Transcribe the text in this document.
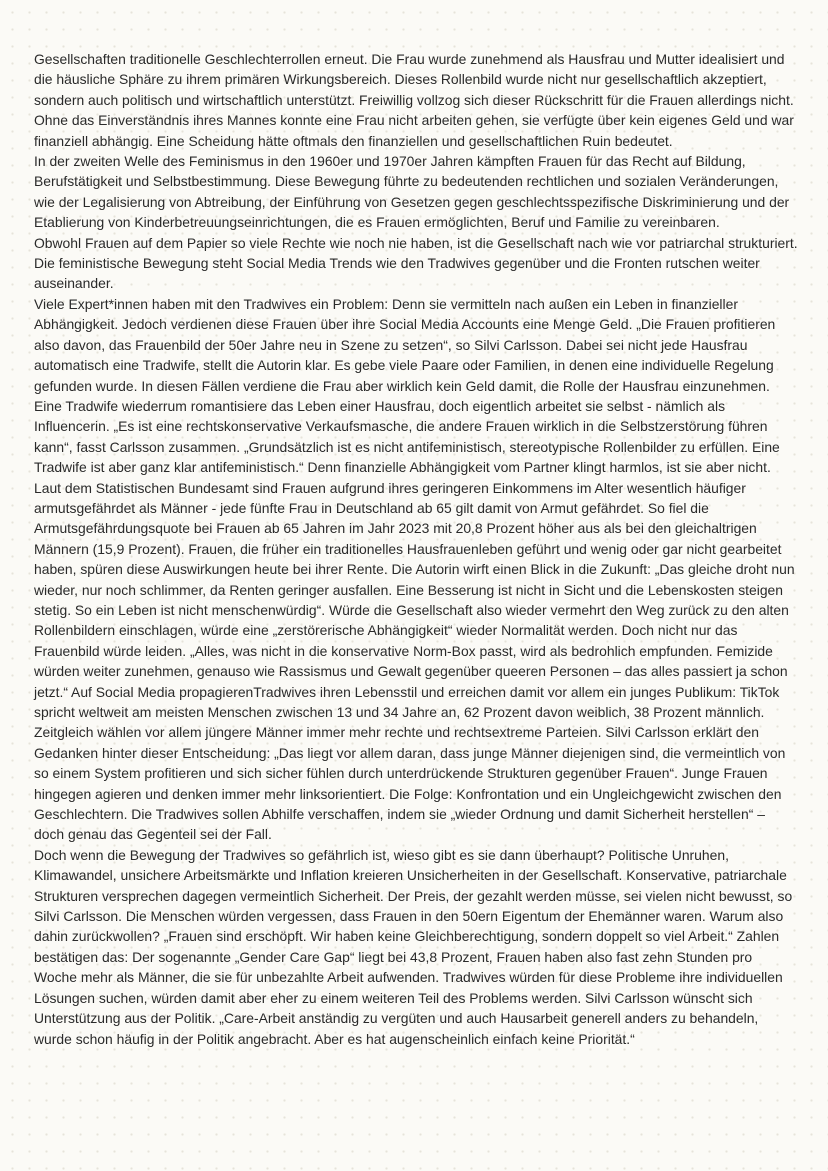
Gesellschaften traditionelle Geschlechterrollen erneut. Die Frau wurde zunehmend als Hausfrau und Mutter idealisiert und die häusliche Sphäre zu ihrem primären Wirkungsbereich. Dieses Rollenbild wurde nicht nur gesellschaftlich akzeptiert, sondern auch politisch und wirtschaftlich unterstützt. Freiwillig vollzog sich dieser Rückschritt für die Frauen allerdings nicht. Ohne das Einverständnis ihres Mannes konnte eine Frau nicht arbeiten gehen, sie verfügte über kein eigenes Geld und war finanziell abhängig. Eine Scheidung hätte oftmals den finanziellen und gesellschaftlichen Ruin bedeutet.

In der zweiten Welle des Feminismus in den 1960er und 1970er Jahren kämpften Frauen für das Recht auf Bildung, Berufstätigkeit und Selbstbestimmung. Diese Bewegung führte zu bedeutenden rechtlichen und sozialen Veränderungen, wie der Legalisierung von Abtreibung, der Einführung von Gesetzen gegen geschlechtsspezifische Diskriminierung und der Etablierung von Kinderbetreuungseinrichtungen, die es Frauen ermöglichten, Beruf und Familie zu vereinbaren.

Obwohl Frauen auf dem Papier so viele Rechte wie noch nie haben, ist die Gesellschaft nach wie vor patriarchal strukturiert. Die feministische Bewegung steht Social Media Trends wie den Tradwives gegenüber und die Fronten rutschen weiter auseinander.

Viele Expert*innen haben mit den Tradwives ein Problem: Denn sie vermitteln nach außen ein Leben in finanzieller Abhängigkeit. Jedoch verdienen diese Frauen über ihre Social Media Accounts eine Menge Geld. „Die Frauen profitieren also davon, das Frauenbild der 50er Jahre neu in Szene zu setzen“, so Silvi Carlsson. Dabei sei nicht jede Hausfrau automatisch eine Tradwife, stellt die Autorin klar. Es gebe viele Paare oder Familien, in denen eine individuelle Regelung gefunden wurde. In diesen Fällen verdiene die Frau aber wirklich kein Geld damit, die Rolle der Hausfrau einzunehmen. Eine Tradwife wiederrum romantisiere das Leben einer Hausfrau, doch eigentlich arbeitet sie selbst - nämlich als Influencerin. „Es ist eine rechtskonservative Verkaufsmasche, die andere Frauen wirklich in die Selbstzerstörung führen kann“, fasst Carlsson zusammen. „Grundsätzlich ist es nicht antifeministisch, stereotypische Rollenbilder zu erfüllen. Eine Tradwife ist aber ganz klar antifeministisch.“ Denn finanzielle Abhängigkeit vom Partner klingt harmlos, ist sie aber nicht. Laut dem Statistischen Bundesamt sind Frauen aufgrund ihres geringeren Einkommens im Alter wesentlich häufiger armutsgefährdet als Männer - jede fünfte Frau in Deutschland ab 65 gilt damit von Armut gefährdet. So fiel die Armutsgefährdungsquote bei Frauen ab 65 Jahren im Jahr 2023 mit 20,8 Prozent höher aus als bei den gleichaltrigen Männern (15,9 Prozent). Frauen, die früher ein traditionelles Hausfrauenleben geführt und wenig oder gar nicht gearbeitet haben, spüren diese Auswirkungen heute bei ihrer Rente. Die Autorin wirft einen Blick in die Zukunft: „Das gleiche droht nun wieder, nur noch schlimmer, da Renten geringer ausfallen. Eine Besserung ist nicht in Sicht und die Lebenskosten steigen stetig. So ein Leben ist nicht menschenwürdig“. Würde die Gesellschaft also wieder vermehrt den Weg zurück zu den alten Rollenbildern einschlagen, würde eine „zerstörerische Abhängigkeit“ wieder Normalität werden. Doch nicht nur das Frauenbild würde leiden. „Alles, was nicht in die konservative Norm-Box passt, wird als bedrohlich empfunden. Femizide würden weiter zunehmen, genauso wie Rassismus und Gewalt gegenüber queeren Personen – das alles passiert ja schon jetzt.“ Auf Social Media propagierenTradwives ihren Lebensstil und erreichen damit vor allem ein junges Publikum: TikTok spricht weltweit am meisten Menschen zwischen 13 und 34 Jahre an, 62 Prozent davon weiblich, 38 Prozent männlich. Zeitgleich wählen vor allem jüngere Männer immer mehr rechte und rechtsextreme Parteien. Silvi Carlsson erklärt den Gedanken hinter dieser Entscheidung: „Das liegt vor allem daran, dass junge Männer diejenigen sind, die vermeintlich von so einem System profitieren und sich sicher fühlen durch unterdrückende Strukturen gegenüber Frauen“. Junge Frauen hingegen agieren und denken immer mehr linksorientiert. Die Folge: Konfrontation und ein Ungleichgewicht zwischen den Geschlechtern. Die Tradwives sollen Abhilfe verschaffen, indem sie „wieder Ordnung und damit Sicherheit herstellen“ – doch genau das Gegenteil sei der Fall.

Doch wenn die Bewegung der Tradwives so gefährlich ist, wieso gibt es sie dann überhaupt? Politische Unruhen, Klimawandel, unsichere Arbeitsmärkte und Inflation kreieren Unsicherheiten in der Gesellschaft. Konservative, patriarchale Strukturen versprechen dagegen vermeintlich Sicherheit. Der Preis, der gezahlt werden müsse, sei vielen nicht bewusst, so Silvi Carlsson. Die Menschen würden vergessen, dass Frauen in den 50ern Eigentum der Ehemänner waren. Warum also dahin zurückwollen? „Frauen sind erschöpft. Wir haben keine Gleichberechtigung, sondern doppelt so viel Arbeit.“ Zahlen bestätigen das: Der sogenannte „Gender Care Gap“ liegt bei 43,8 Prozent, Frauen haben also fast zehn Stunden pro Woche mehr als Männer, die sie für unbezahlte Arbeit aufwenden. Tradwives würden für diese Probleme ihre individuellen Lösungen suchen, würden damit aber eher zu einem weiteren Teil des Problems werden. Silvi Carlsson wünscht sich Unterstützung aus der Politik. „Care-Arbeit anständig zu vergüten und auch Hausarbeit generell anders zu behandeln, wurde schon häufig in der Politik angebracht. Aber es hat augenscheinlich einfach keine Priorität.“
